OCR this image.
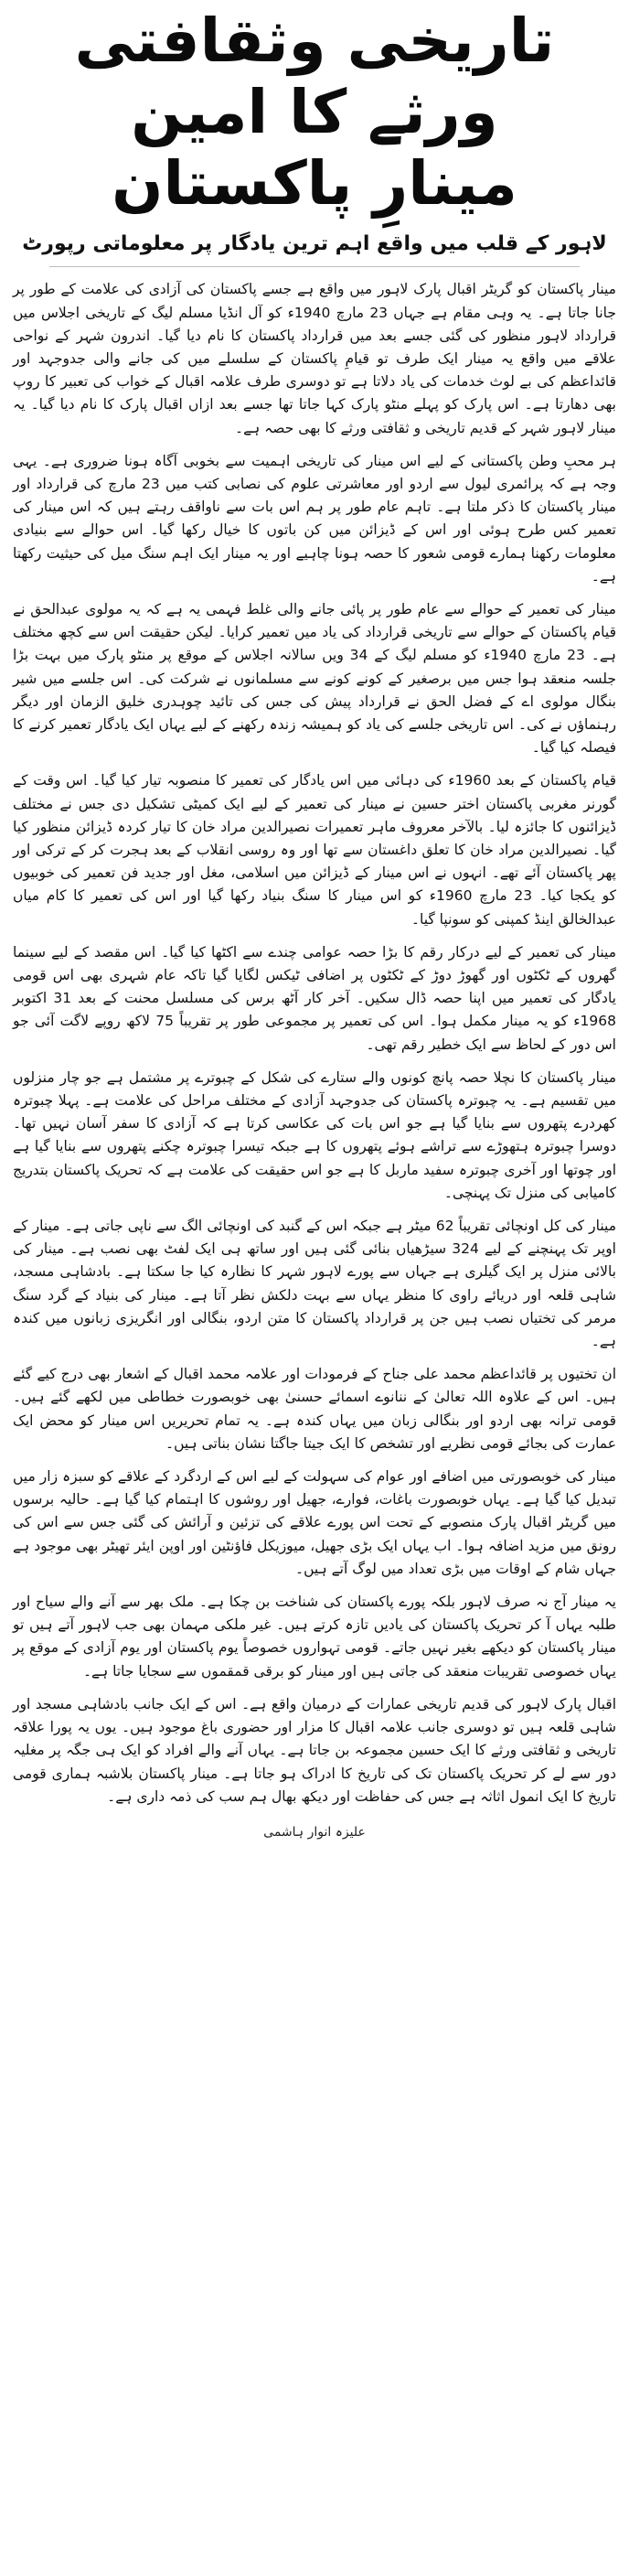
تاریخی وثقافتی ورثے کا امین
مینارِ پاکستان
لاہور کے قلب میں واقع اہم ترین یادگار پر معلوماتی رپورٹ

مینار پاکستان کو گریٹر اقبال پارک لاہور میں واقع ہے جسے پاکستان کی آزادی کی علامت کے طور پر جانا جاتا ہے۔ یہ وہی مقام ہے جہاں 23 مارچ 1940ء کو آل انڈیا مسلم لیگ کے تاریخی اجلاس میں قرارداد لاہور منظور کی گئی جسے بعد میں قرارداد پاکستان کا نام دیا گیا۔ اندرون شہر کے نواحی علاقے میں واقع یہ مینار ایک طرف تو قیامِ پاکستان کے سلسلے میں کی جانے والی جدوجہد اور قائداعظم کی بے لوث خدمات کی یاد دلاتا ہے تو دوسری طرف علامہ اقبال کے خواب کی تعبیر کا روپ بھی دھارتا ہے۔ اس پارک کو پہلے منٹو پارک کہا جاتا تھا جسے بعد ازاں اقبال پارک کا نام دیا گیا۔ یہ مینار لاہور شہر کے قدیم تاریخی و ثقافتی ورثے کا بھی حصہ ہے۔

ہر محبِ وطن پاکستانی کے لیے اس مینار کی تاریخی اہمیت سے بخوبی آگاہ ہونا ضروری ہے۔ یہی وجہ ہے کہ پرائمری لیول سے اردو اور معاشرتی علوم کی نصابی کتب میں 23 مارچ کی قرارداد اور مینار پاکستان کا ذکر ملتا ہے۔ تاہم عام طور پر ہم اس بات سے ناواقف رہتے ہیں کہ اس مینار کی تعمیر کس طرح ہوئی اور اس کے ڈیزائن میں کن باتوں کا خیال رکھا گیا۔ اس حوالے سے بنیادی معلومات رکھنا ہمارے قومی شعور کا حصہ ہونا چاہیے اور یہ مینار ایک اہم سنگ میل کی حیثیت رکھتا ہے۔

مینار کی تعمیر کے حوالے سے عام طور پر پائی جانے والی غلط فہمی یہ ہے کہ یہ مولوی عبدالحق نے قیام پاکستان کے حوالے سے تاریخی قرارداد کی یاد میں تعمیر کرایا۔ لیکن حقیقت اس سے کچھ مختلف ہے۔ 23 مارچ 1940ء کو مسلم لیگ کے 34 ویں سالانہ اجلاس کے موقع پر منٹو پارک میں بہت بڑا جلسہ منعقد ہوا جس میں برصغیر کے کونے کونے سے مسلمانوں نے شرکت کی۔ اس جلسے میں شیر بنگال مولوی اے کے فضل الحق نے قرارداد پیش کی جس کی تائید چوہدری خلیق الزمان اور دیگر رہنماؤں نے کی۔ اس تاریخی جلسے کی یاد کو ہمیشہ زندہ رکھنے کے لیے یہاں ایک یادگار تعمیر کرنے کا فیصلہ کیا گیا۔

قیام پاکستان کے بعد 1960ء کی دہائی میں اس یادگار کی تعمیر کا منصوبہ تیار کیا گیا۔ اس وقت کے گورنر مغربی پاکستان اختر حسین نے مینار کی تعمیر کے لیے ایک کمیٹی تشکیل دی جس نے مختلف ڈیزائنوں کا جائزہ لیا۔ بالآخر معروف ماہر تعمیرات نصیرالدین مراد خان کا تیار کردہ ڈیزائن منظور کیا گیا۔ نصیرالدین مراد خان کا تعلق داغستان سے تھا اور وہ روسی انقلاب کے بعد ہجرت کر کے ترکی اور پھر پاکستان آئے تھے۔ انہوں نے اس مینار کے ڈیزائن میں اسلامی، مغل اور جدید فن تعمیر کی خوبیوں کو یکجا کیا۔ 23 مارچ 1960ء کو اس مینار کا سنگ بنیاد رکھا گیا اور اس کی تعمیر کا کام میاں عبدالخالق اینڈ کمپنی کو سونپا گیا۔

مینار کی تعمیر کے لیے درکار رقم کا بڑا حصہ عوامی چندے سے اکٹھا کیا گیا۔ اس مقصد کے لیے سینما گھروں کے ٹکٹوں اور گھوڑ دوڑ کے ٹکٹوں پر اضافی ٹیکس لگایا گیا تاکہ عام شہری بھی اس قومی یادگار کی تعمیر میں اپنا حصہ ڈال سکیں۔ آخر کار آٹھ برس کی مسلسل محنت کے بعد 31 اکتوبر 1968ء کو یہ مینار مکمل ہوا۔ اس کی تعمیر پر مجموعی طور پر تقریباً 75 لاکھ روپے لاگت آئی جو اس دور کے لحاظ سے ایک خطیر رقم تھی۔

مینار پاکستان کا نچلا حصہ پانچ کونوں والے ستارے کی شکل کے چبوترے پر مشتمل ہے جو چار منزلوں میں تقسیم ہے۔ یہ چبوترہ پاکستان کی جدوجہد آزادی کے مختلف مراحل کی علامت ہے۔ پہلا چبوترہ کھردرے پتھروں سے بنایا گیا ہے جو اس بات کی عکاسی کرتا ہے کہ آزادی کا سفر آسان نہیں تھا۔ دوسرا چبوترہ ہتھوڑے سے تراشے ہوئے پتھروں کا ہے جبکہ تیسرا چبوترہ چکنے پتھروں سے بنایا گیا ہے اور چوتھا اور آخری چبوترہ سفید ماربل کا ہے جو اس حقیقت کی علامت ہے کہ تحریک پاکستان بتدریج کامیابی کی منزل تک پہنچی۔

مینار کی کل اونچائی تقریباً 62 میٹر ہے جبکہ اس کے گنبد کی اونچائی الگ سے ناپی جاتی ہے۔ مینار کے اوپر تک پہنچنے کے لیے 324 سیڑھیاں بنائی گئی ہیں اور ساتھ ہی ایک لفٹ بھی نصب ہے۔ مینار کی بالائی منزل پر ایک گیلری ہے جہاں سے پورے لاہور شہر کا نظارہ کیا جا سکتا ہے۔ بادشاہی مسجد، شاہی قلعہ اور دریائے راوی کا منظر یہاں سے بہت دلکش نظر آتا ہے۔ مینار کی بنیاد کے گرد سنگ مرمر کی تختیاں نصب ہیں جن پر قرارداد پاکستان کا متن اردو، بنگالی اور انگریزی زبانوں میں کندہ ہے۔

ان تختیوں پر قائداعظم محمد علی جناح کے فرمودات اور علامہ محمد اقبال کے اشعار بھی درج کیے گئے ہیں۔ اس کے علاوہ اللہ تعالیٰ کے ننانوے اسمائے حسنیٰ بھی خوبصورت خطاطی میں لکھے گئے ہیں۔ قومی ترانہ بھی اردو اور بنگالی زبان میں یہاں کندہ ہے۔ یہ تمام تحریریں اس مینار کو محض ایک عمارت کی بجائے قومی نظریے اور تشخص کا ایک جیتا جاگتا نشان بناتی ہیں۔

مینار کی خوبصورتی میں اضافے اور عوام کی سہولت کے لیے اس کے اردگرد کے علاقے کو سبزہ زار میں تبدیل کیا گیا ہے۔ یہاں خوبصورت باغات، فوارے، جھیل اور روشوں کا اہتمام کیا گیا ہے۔ حالیہ برسوں میں گریٹر اقبال پارک منصوبے کے تحت اس پورے علاقے کی تزئین و آرائش کی گئی جس سے اس کی رونق میں مزید اضافہ ہوا۔ اب یہاں ایک بڑی جھیل، میوزیکل فاؤنٹین اور اوپن ایئر تھیٹر بھی موجود ہے جہاں شام کے اوقات میں بڑی تعداد میں لوگ آتے ہیں۔

یہ مینار آج نہ صرف لاہور بلکہ پورے پاکستان کی شناخت بن چکا ہے۔ ملک بھر سے آنے والے سیاح اور طلبہ یہاں آ کر تحریک پاکستان کی یادیں تازہ کرتے ہیں۔ غیر ملکی مہمان بھی جب لاہور آتے ہیں تو مینار پاکستان کو دیکھے بغیر نہیں جاتے۔ قومی تہواروں خصوصاً یوم پاکستان اور یوم آزادی کے موقع پر یہاں خصوصی تقریبات منعقد کی جاتی ہیں اور مینار کو برقی قمقموں سے سجایا جاتا ہے۔

اقبال پارک لاہور کی قدیم تاریخی عمارات کے درمیان واقع ہے۔ اس کے ایک جانب بادشاہی مسجد اور شاہی قلعہ ہیں تو دوسری جانب علامہ اقبال کا مزار اور حضوری باغ موجود ہیں۔ یوں یہ پورا علاقہ تاریخی و ثقافتی ورثے کا ایک حسین مجموعہ بن جاتا ہے۔ یہاں آنے والے افراد کو ایک ہی جگہ پر مغلیہ دور سے لے کر تحریک پاکستان تک کی تاریخ کا ادراک ہو جاتا ہے۔ مینار پاکستان بلاشبہ ہماری قومی تاریخ کا ایک انمول اثاثہ ہے جس کی حفاظت اور دیکھ بھال ہم سب کی ذمہ داری ہے۔

علیزہ انوار ہاشمی
